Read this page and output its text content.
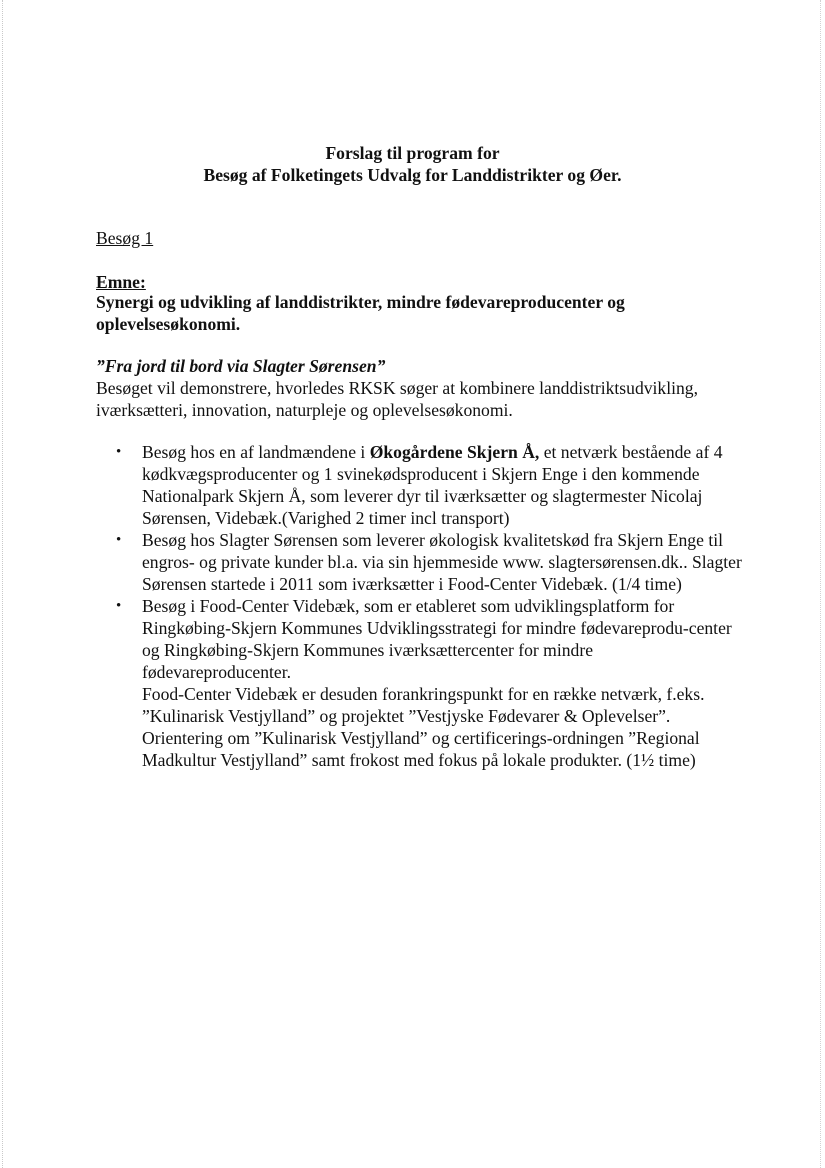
Forslag til program for
Besøg af Folketingets Udvalg for Landdistrikter og Øer.
Besøg 1
Emne:
Synergi og udvikling af landdistrikter, mindre fødevareproducenter og oplevelsesøkonomi.
”Fra jord til bord via Slagter Sørensen”
Besøget vil demonstrere, hvorledes RKSK søger at kombinere landdistriktsudvikling, iværksætteri, innovation, naturpleje og oplevelsesøkonomi.
• Besøg hos en af landmændene i Økogårdene Skjern Å, et netværk bestående af 4 kødkvægsproducenter og 1 svinekødsproducent i Skjern Enge i den kommende Nationalpark Skjern Å, som leverer dyr til iværksætter og slagtermester Nicolaj Sørensen, Videbæk.(Varighed 2 timer incl transport)
• Besøg hos Slagter Sørensen som leverer økologisk kvalitetskød fra Skjern Enge til engros- og private kunder bl.a. via sin hjemmeside www. slagtersørensen.dk.. Slagter Sørensen startede i 2011 som iværksætter i Food-Center Videbæk. (1/4 time)
• Besøg i Food-Center Videbæk, som er etableret som udviklingsplatform for Ringkøbing-Skjern Kommunes Udviklingsstrategi for mindre fødevareprodu-center og Ringkøbing-Skjern Kommunes iværksættercenter for mindre fødevareproducenter.
Food-Center Videbæk er desuden forankringspunkt for en række netværk, f.eks. ”Kulinarisk Vestjylland” og projektet ”Vestjyske Fødevarer & Oplevelser”.
Orientering om ”Kulinarisk Vestjylland” og certificerings-ordningen ”Regional Madkultur Vestjylland” samt frokost med fokus på lokale produkter. (1½ time)
